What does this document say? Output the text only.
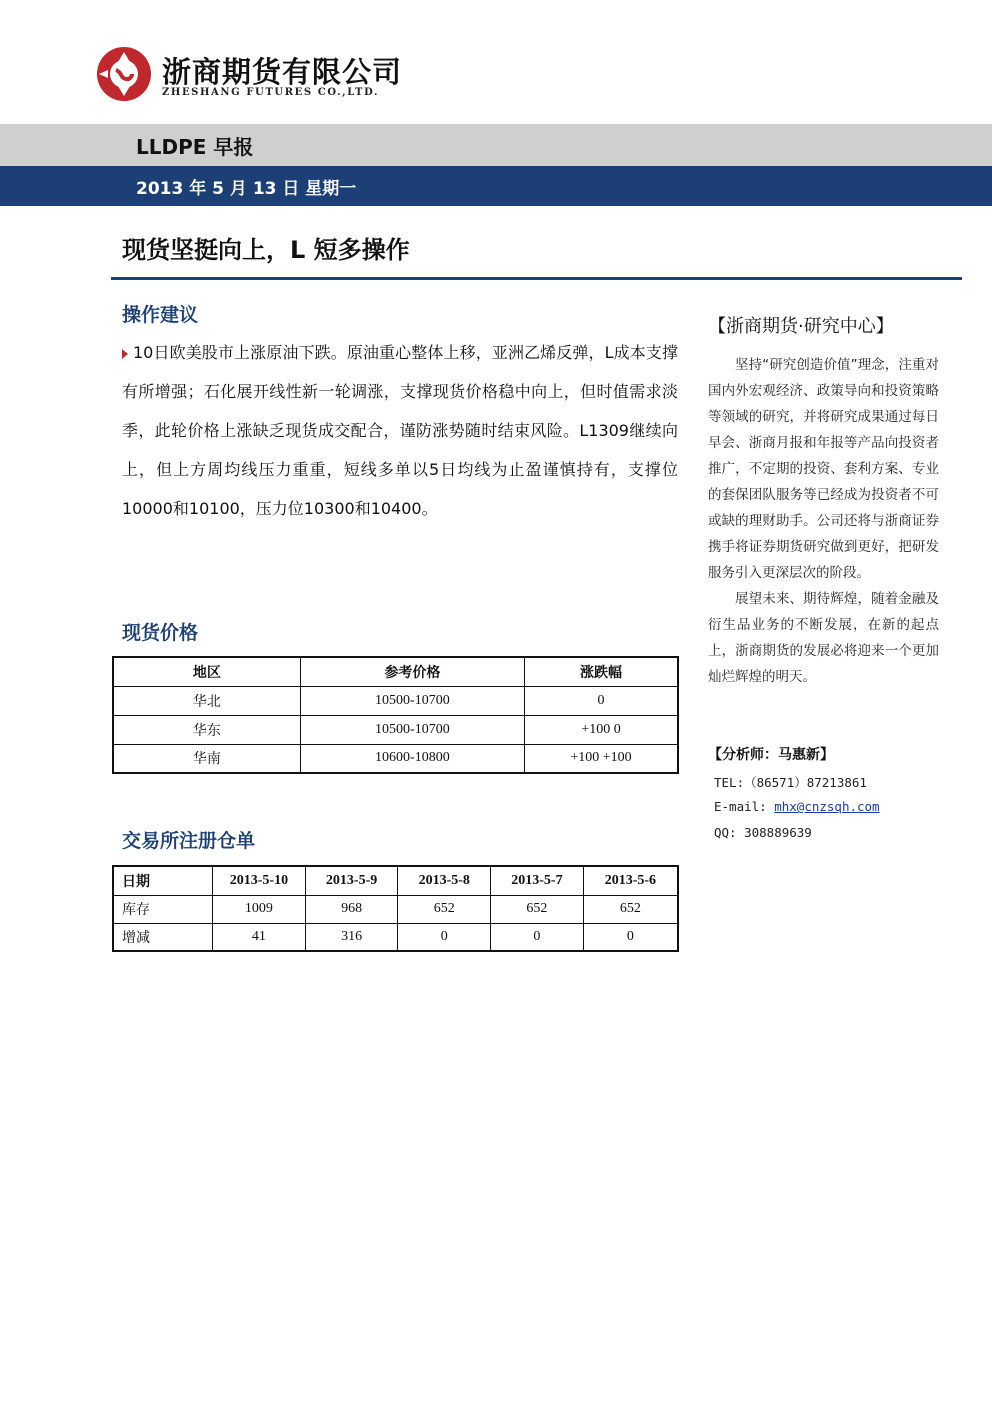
浙商期货有限公司
ZHESHANG FUTURES CO.,LTD.
LLDPE 早报
2013 年 5 月 13 日 星期一
现货坚挺向上，L 短多操作
操作建议
10日欧美股市上涨原油下跌。原油重心整体上移，亚洲乙烯反弹，L成本支撑有所增强；石化展开线性新一轮调涨，支撑现货价格稳中向上，但时值需求淡季，此轮价格上涨缺乏现货成交配合，谨防涨势随时结束风险。L1309继续向上，但上方周均线压力重重，短线多单以5日均线为止盈谨慎持有，支撑位10000和10100，压力位10300和10400。
现货价格
地区	参考价格	涨跌幅
华北	10500-10700	0
华东	10500-10700	+100 0
华南	10600-10800	+100 +100
交易所注册仓单
日期	2013-5-10	2013-5-9	2013-5-8	2013-5-7	2013-5-6
库存	1009	968	652	652	652
增减	41	316	0	0	0
【浙商期货·研究中心】

坚持“研究创造价值”理念，注重对国内外宏观经济、政策导向和投资策略等领域的研究，并将研究成果通过每日早会、浙商月报和年报等产品向投资者推广，不定期的投资、套利方案、专业的套保团队服务等已经成为投资者不可或缺的理财助手。公司还将与浙商证券携手将证券期货研究做到更好，把研发服务引入更深层次的阶段。

展望未来、期待辉煌，随着金融及衍生品业务的不断发展，在新的起点上，浙商期货的发展必将迎来一个更加灿烂辉煌的明天。

【分析师：马惠新】
TEL:（86571）87213861
E-mail: mhx@cnzsqh.com
QQ: 308889639
